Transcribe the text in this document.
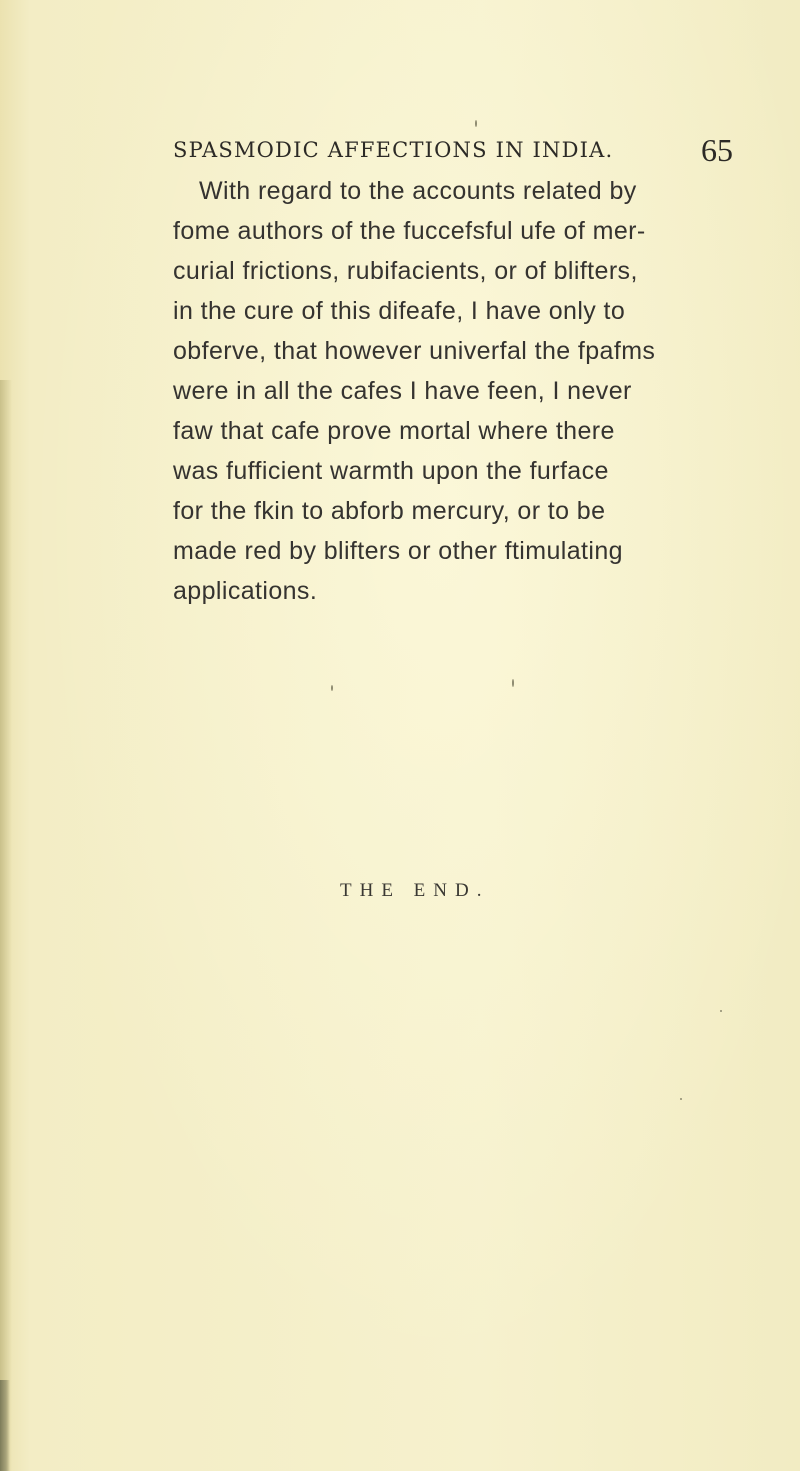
SPASMODIC AFFECTIONS IN INDIA.	65
With regard to the accounts related by
fome authors of the fuccefsful ufe of mer-
curial frictions, rubifacients, or of blifters,
in the cure of this difeafe, I have only to
obferve, that however univerfal the fpafms
were in all the cafes I have feen, I never
faw that cafe prove mortal where there
was fufficient warmth upon the furface
for the fkin to abforb mercury, or to be
made red by blifters or other ftimulating
applications.
THE END.
